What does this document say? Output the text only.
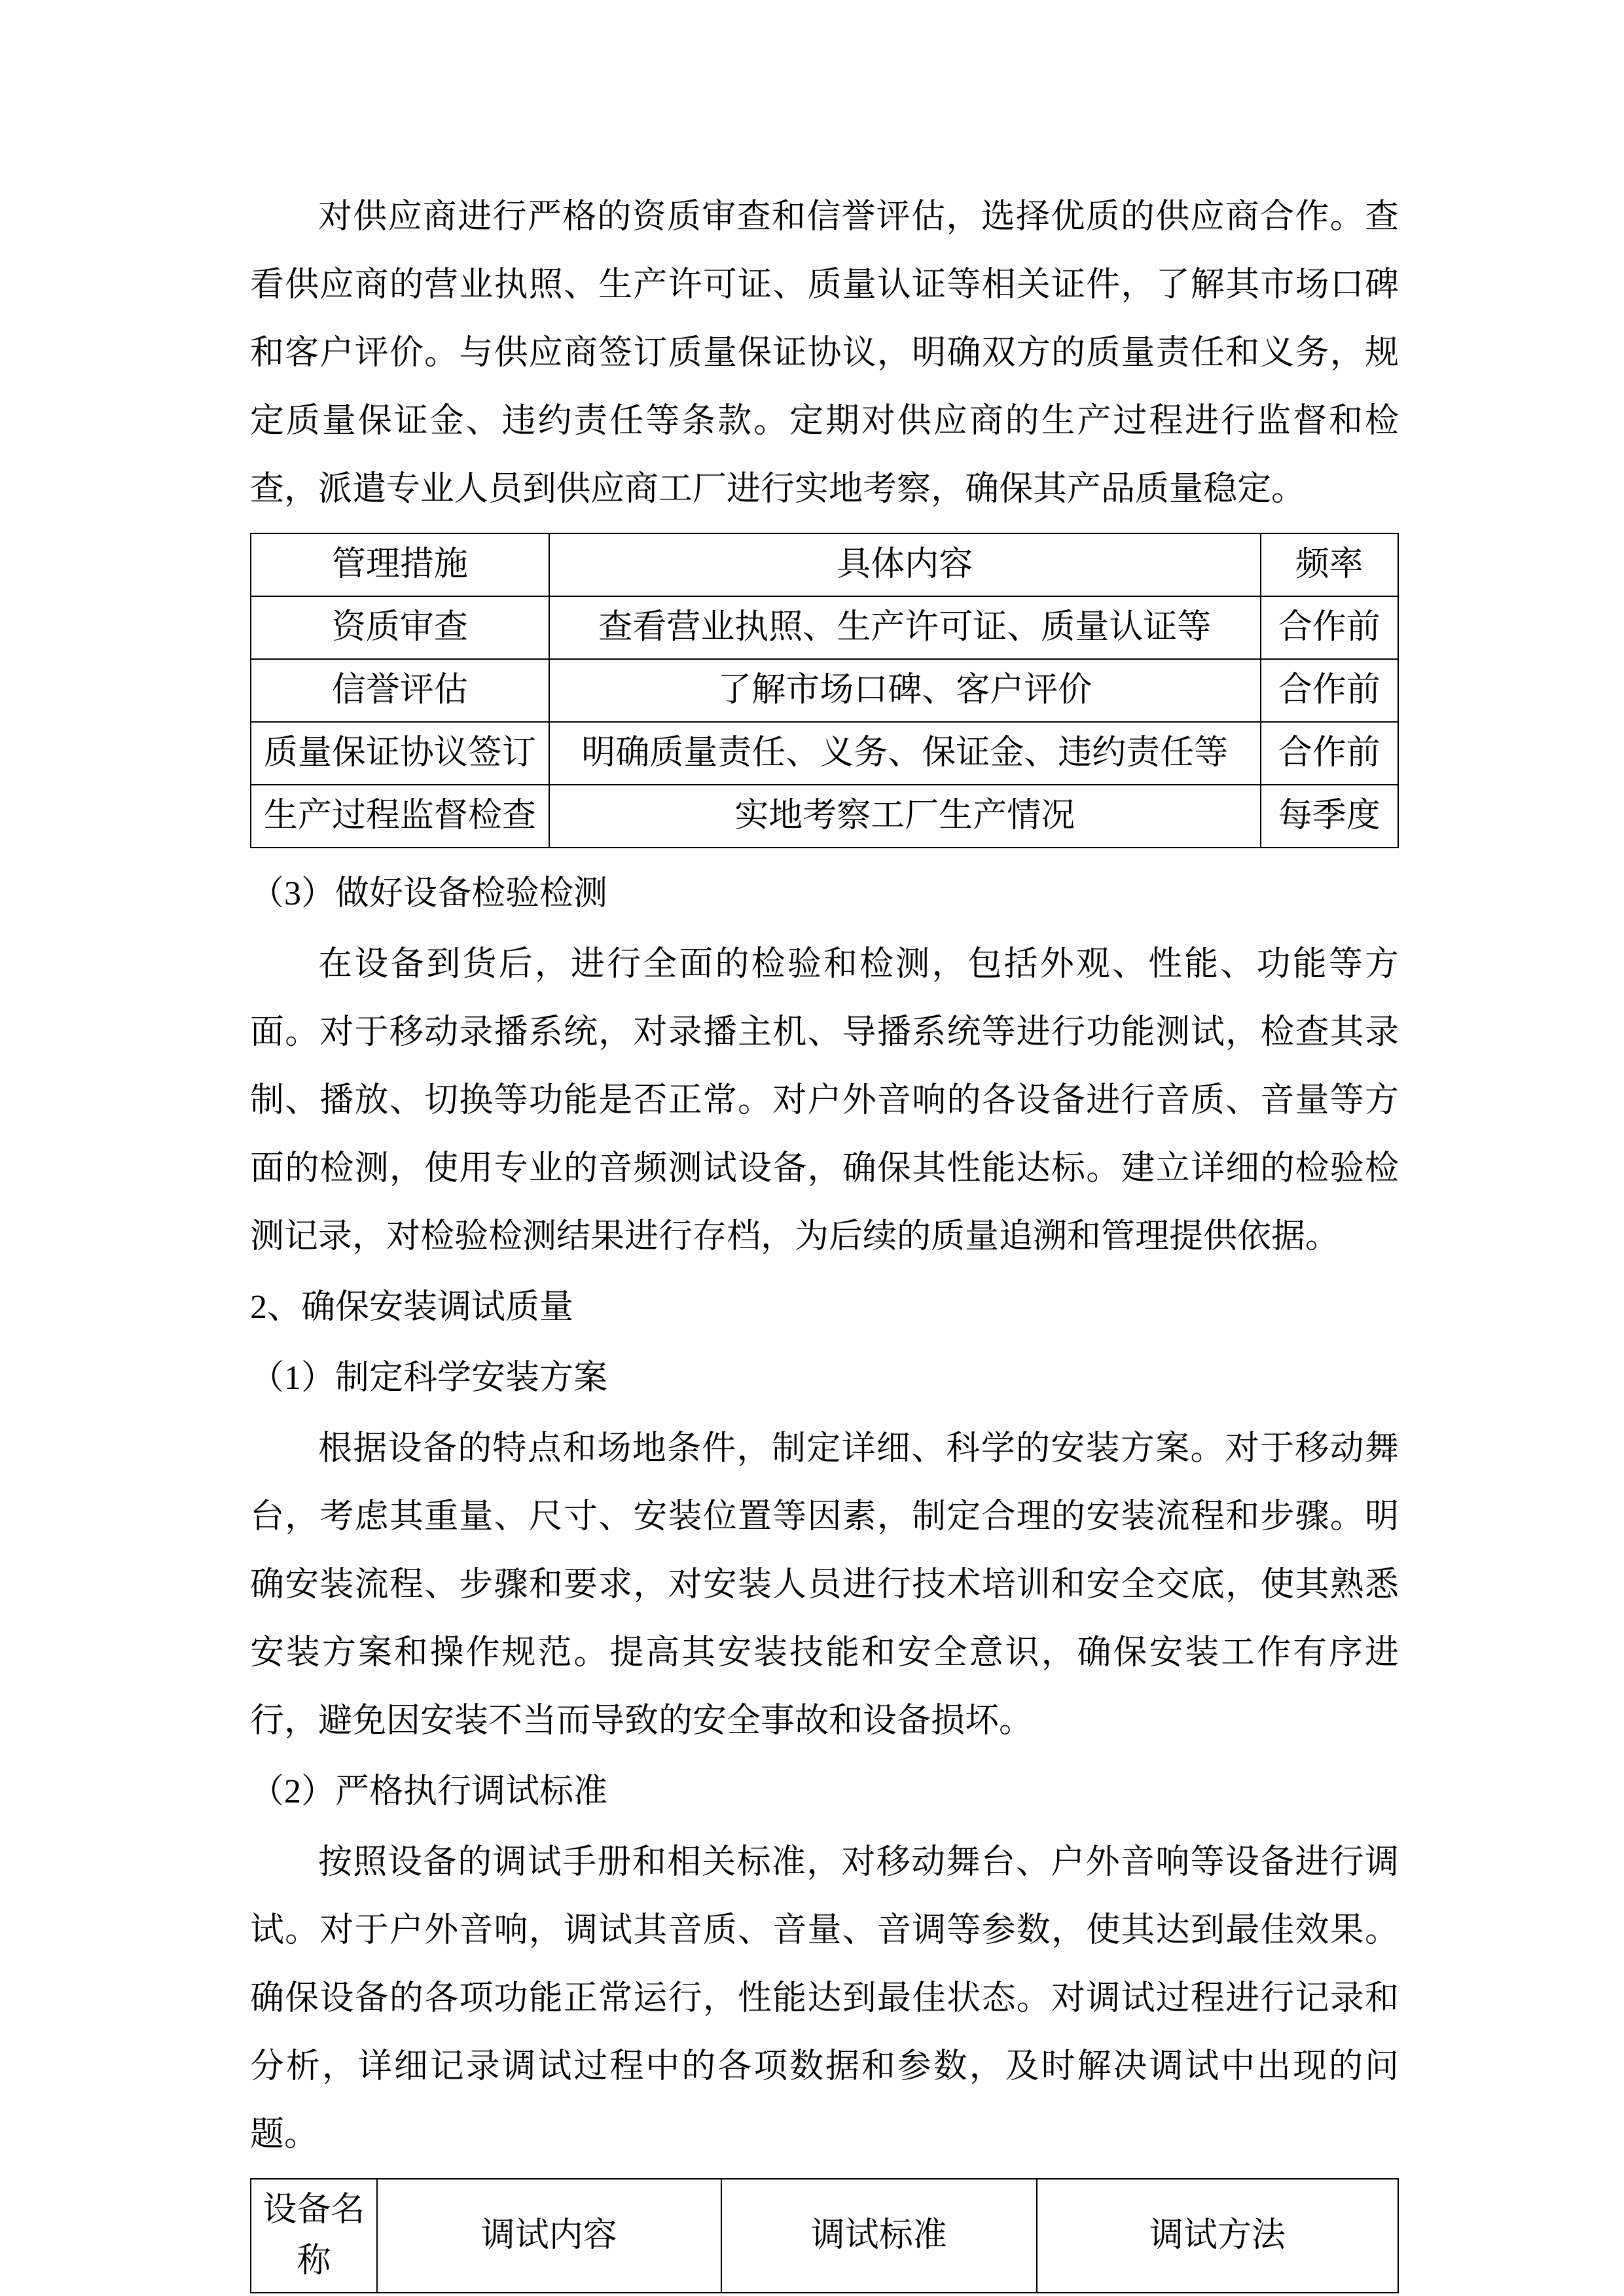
对供应商进行严格的资质审查和信誉评估，选择优质的供应商合作。查看供应商的营业执照、生产许可证、质量认证等相关证件，了解其市场口碑和客户评价。与供应商签订质量保证协议，明确双方的质量责任和义务，规定质量保证金、违约责任等条款。定期对供应商的生产过程进行监督和检查，派遣专业人员到供应商工厂进行实地考察，确保其产品质量稳定。

管理措施	具体内容	频率
资质审查	查看营业执照、生产许可证、质量认证等	合作前
信誉评估	了解市场口碑、客户评价	合作前
质量保证协议签订	明确质量责任、义务、保证金、违约责任等	合作前
生产过程监督检查	实地考察工厂生产情况	每季度

（3）做好设备检验检测

在设备到货后，进行全面的检验和检测，包括外观、性能、功能等方面。对于移动录播系统，对录播主机、导播系统等进行功能测试，检查其录制、播放、切换等功能是否正常。对户外音响的各设备进行音质、音量等方面的检测，使用专业的音频测试设备，确保其性能达标。建立详细的检验检测记录，对检验检测结果进行存档，为后续的质量追溯和管理提供依据。

2、确保安装调试质量

（1）制定科学安装方案

根据设备的特点和场地条件，制定详细、科学的安装方案。对于移动舞台，考虑其重量、尺寸、安装位置等因素，制定合理的安装流程和步骤。明确安装流程、步骤和要求，对安装人员进行技术培训和安全交底，使其熟悉安装方案和操作规范。提高其安装技能和安全意识，确保安装工作有序进行，避免因安装不当而导致的安全事故和设备损坏。

（2）严格执行调试标准

按照设备的调试手册和相关标准，对移动舞台、户外音响等设备进行调试。对于户外音响，调试其音质、音量、音调等参数，使其达到最佳效果。确保设备的各项功能正常运行，性能达到最佳状态。对调试过程进行记录和分析，详细记录调试过程中的各项数据和参数，及时解决调试中出现的问题。

设备名称	调试内容	调试标准	调试方法
